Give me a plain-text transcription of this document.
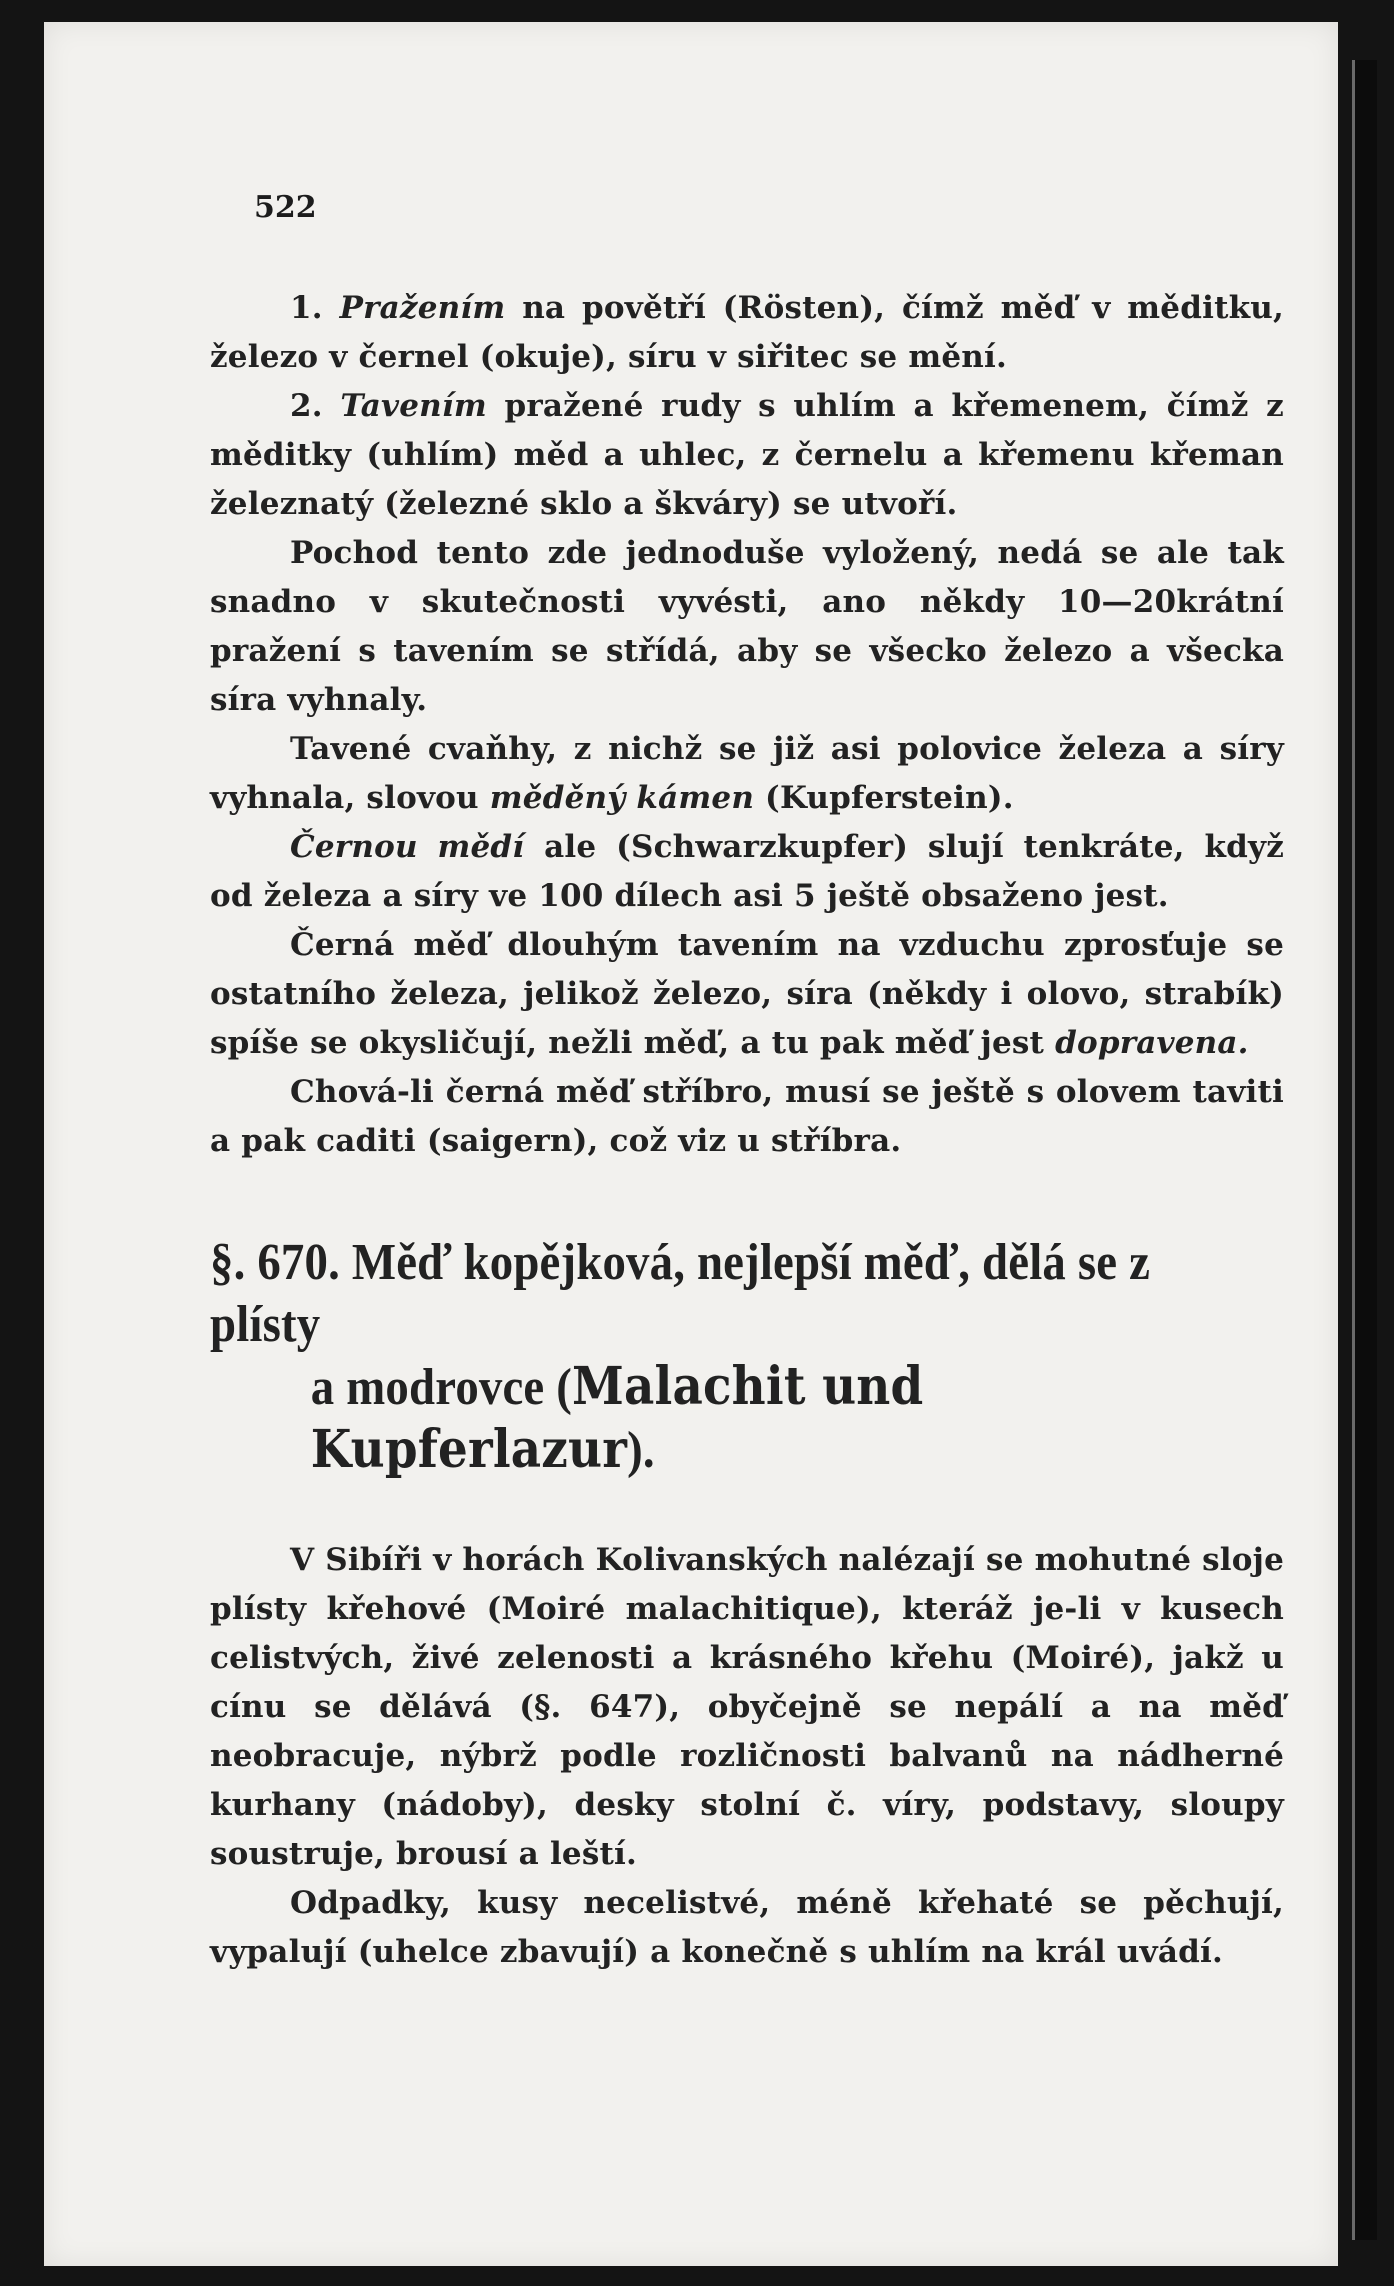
522

1. Pražením na povětří (Rösten), čímž měď v měditku, železo v černel (okuje), síru v siřitec se mění.

2. Tavením pražené rudy s uhlím a křemenem, čímž z měditky (uhlím) měd a uhlec, z černelu a křemenu křeman železnatý (železné sklo a škváry) se utvoří.

Pochod tento zde jednoduše vyložený, nedá se ale tak snadno v skutečnosti vyvésti, ano někdy 10—20krátní pražení s tavením se střídá, aby se všecko železo a všecka síra vyhnaly.

Tavené cvaňhy, z nichž se již asi polovice železa a síry vyhnala, slovou měděný kámen (Kupferstein).

Černou mědí ale (Schwarzkupfer) slují tenkráte, když od železa a síry ve 100 dílech asi 5 ještě obsaženo jest.

Černá měď dlouhým tavením na vzduchu zprosťuje se ostatního železa, jelikož železo, síra (někdy i olovo, strabík) spíše se okysličují, nežli měď, a tu pak měď jest dopravena.

Chová-li černá měď stříbro, musí se ještě s olovem taviti a pak caditi (saigern), což viz u stříbra.

§. 670. Měď kopějková, nejlepší měď, dělá se z plísty
a modrovce (Malachit und Kupferlazur).

V Sibíři v horách Kolivanských nalézají se mohutné sloje plísty křehové (Moiré malachitique), kteráž je-li v kusech celistvých, živé zelenosti a krásného křehu (Moiré), jakž u cínu se dělává (§. 647), obyčejně se nepálí a na měď neobracuje, nýbrž podle rozličnosti balvanů na nádherné kurhany (nádoby), desky stolní č. víry, podstavy, sloupy soustruje, brousí a leští.

Odpadky, kusy necelistvé, méně křehaté se pěchují, vypalují (uhelce zbavují) a konečně s uhlím na král uvádí.
